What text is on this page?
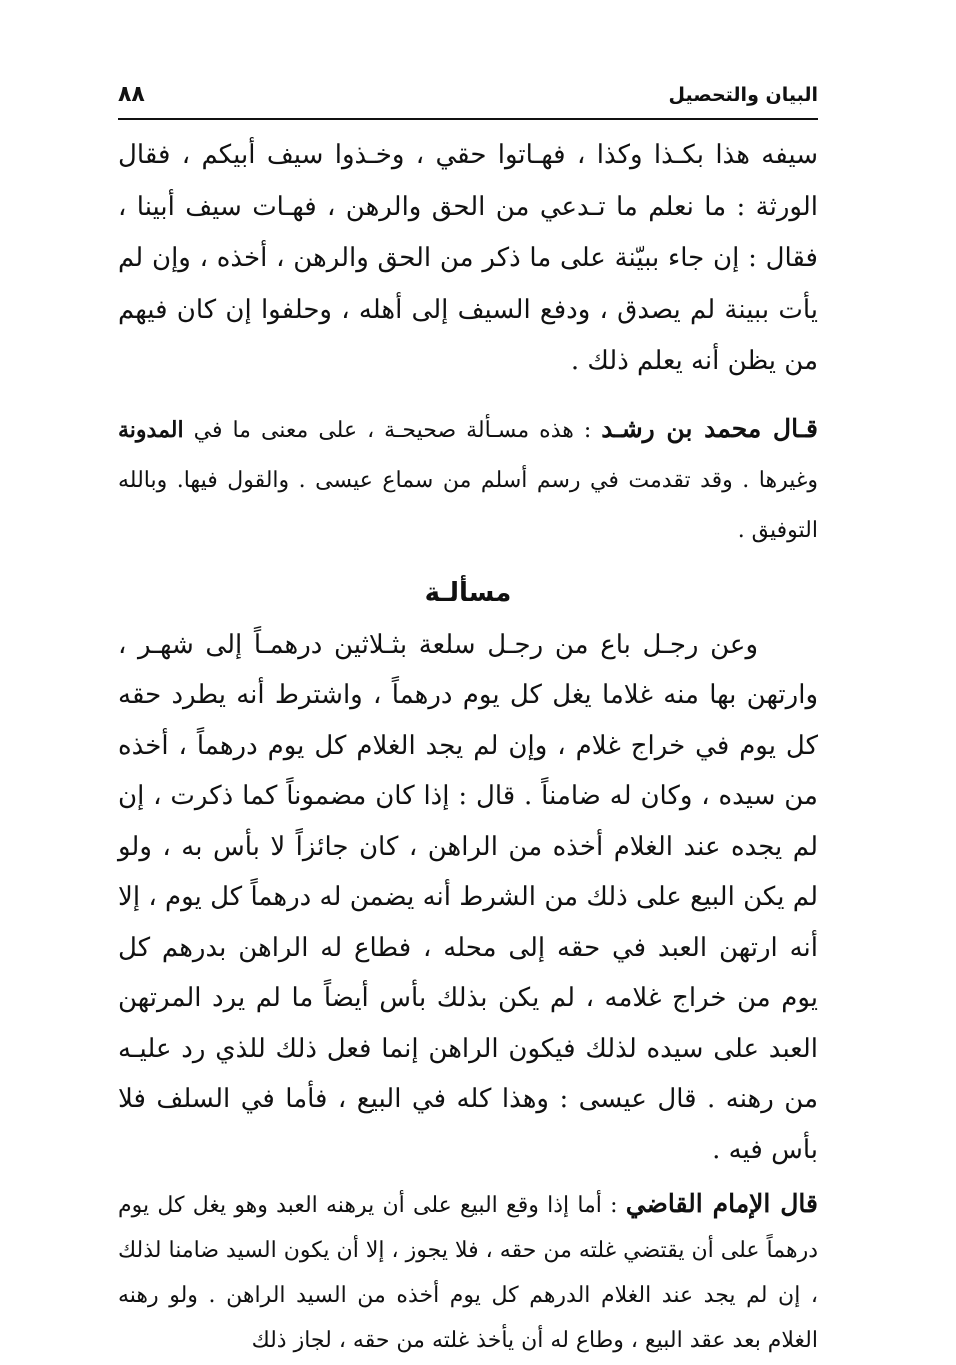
البيان والتحصيل
٨٨
سيفه هذا بكـذا وكذا ، فهـاتوا حقي ، وخـذوا سيف أبيكم ، فقال الورثة : ما نعلم ما تـدعي من الحق والرهن ، فهـات سيف أبينا ، فقال : إن جاء ببيّنة على ما ذكر من الحق والرهن ، أخذه ، وإن لم يأت ببينة لم يصدق ، ودفع السيف إلى أهله ، وحلفوا إن كان فيهم من يظن أنه يعلم ذلك .
قـال محمد بن رشـد : هذه مسـألة صحيحـة ، على معنى ما في المدونة وغيرها . وقد تقدمت في رسم أسلم من سماع عيسى . والقول فيها. وبالله التوفيق .
مسألـة
وعن رجـل باع من رجـل سلعة بثـلاثين درهمـاً إلى شهـر ، وارتهن بها منه غلاما يغل كل يوم درهماً ، واشترط أنه يطرد حقه كل يوم في خراج غلام ، وإن لم يجد الغلام كل يوم درهماً ، أخذه من سيده ، وكان له ضامناً . قال : إذا كان مضموناً كما ذكرت ، إن لم يجده عند الغلام أخذه من الراهن ، كان جائزاً لا بأس به ، ولو لم يكن البيع على ذلك من الشرط أنه يضمن له درهماً كل يوم ، إلا أنه ارتهن العبد في حقه إلى محله ، فطاع له الراهن بدرهم كل يوم من خراج غلامه ، لم يكن بذلك بأس أيضاً ما لم يرد المرتهن العبد على سيده لذلك فيكون الراهن إنما فعل ذلك للذي رد عليـه من رهنه . قال عيسى : وهذا كله في البيع ، فأما في السلف فلا بأس فيه .
قال الإمام القاضي : أما إذا وقع البيع على أن يرهنه العبد وهو يغل كل يوم درهماً على أن يقتضي غلته من حقه ، فلا يجوز ، إلا أن يكون السيد ضامنا لذلك ، إن لم يجد عند الغلام الدرهم كل يوم أخذه من السيد الراهن . ولو رهنه الغلام بعد عقد البيع ، وطاع له أن يأخذ غلته من حقه ، لجاز ذلك
